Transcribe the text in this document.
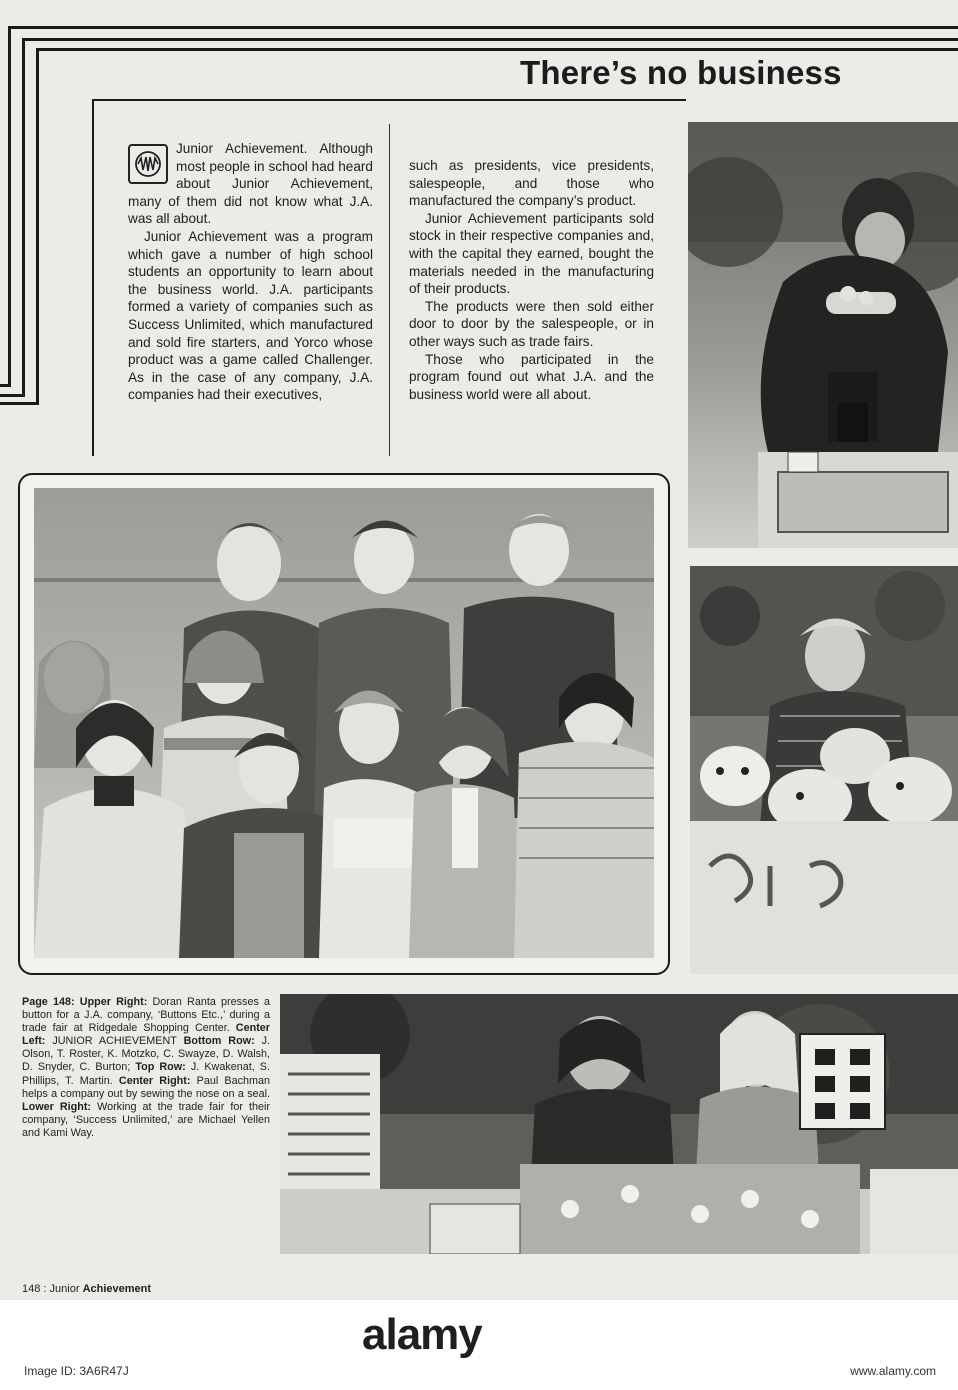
There’s no business

Junior Achievement. Although most people in school had heard about Junior Achievement, many of them did not know what J.A. was all about.

Junior Achievement was a program which gave a number of high school students an opportunity to learn about the business world. J.A. participants formed a variety of companies such as Success Unlimited, which manufactured and sold fire starters, and Yorco whose product was a game called Challenger. As in the case of any company, J.A. companies had their executives,

such as presidents, vice presidents, salespeople, and those who manufactured the company’s product.

Junior Achievement participants sold stock in their respective companies and, with the capital they earned, bought the materials needed in the manufacturing of their products.

The products were then sold either door to door by the salespeople, or in other ways such as trade fairs.

Those who participated in the program found out what J.A. and the business world were all about.

Page 148: Upper Right: Doran Ranta presses a button for a J.A. company, ‘Buttons Etc.,’ during a trade fair at Ridgedale Shopping Center. Center Left: JUNIOR ACHIEVEMENT Bottom Row: J. Olson, T. Roster, K. Motzko, C. Swayze, D. Walsh, D. Snyder, C. Burton; Top Row: J. Kwakenat, S. Phillips, T. Martin. Center Right: Paul Bachman helps a company out by sewing the nose on a seal. Lower Right: Working at the trade fair for their company, ‘Success Unlimited,’ are Michael Yellen and Kami Way.
148 : Junior Achievement
alamy
Image ID: 3A6R47J	www.alamy.com
